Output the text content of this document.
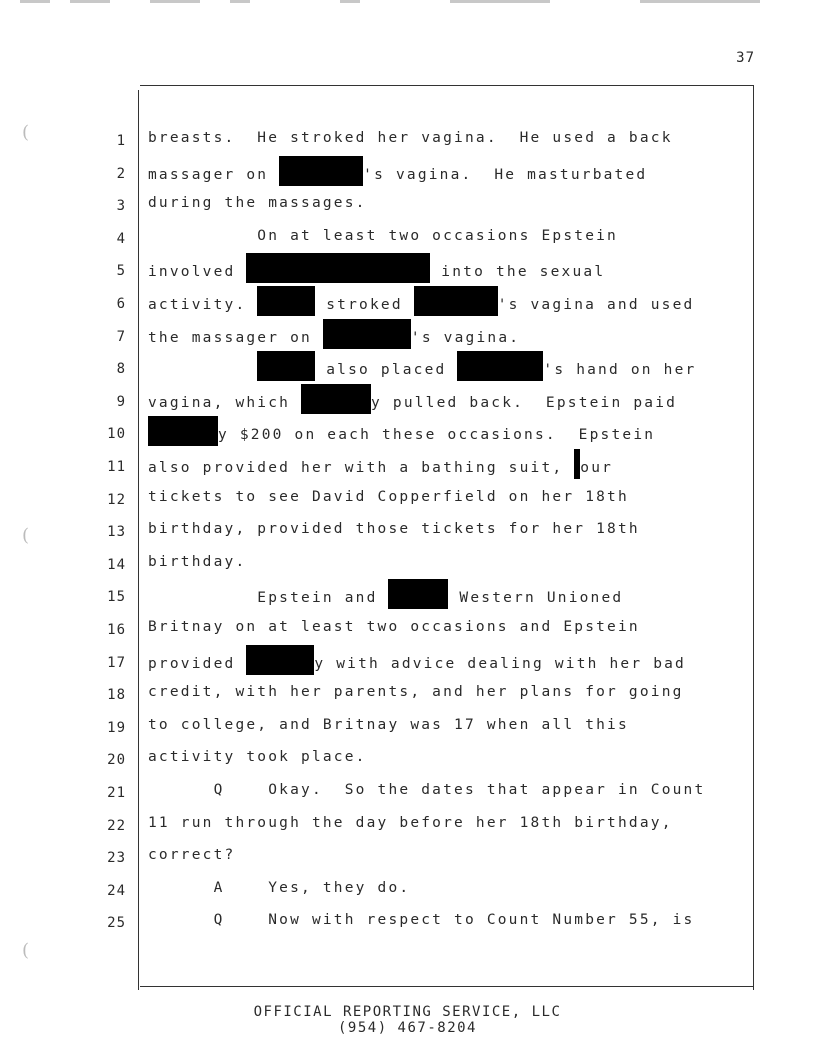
37
(
(
(
1 breasts.  He stroked her vagina.  He used a back
2 massager on	's vagina.  He masturbated
3 during the massages.
4 On at least two occasions Epstein
5 involved	into the sexual
6 activity.	stroked	's vagina and used
7 the massager on	's vagina.
8	also placed	's hand on her
9 vagina, which	y pulled back.  Epstein paid
10	y $200 on each these occasions.  Epstein
11 also provided her with a bathing suit, our
12 tickets to see David Copperfield on her 18th
13 birthday, provided those tickets for her 18th
14 birthday.
15 Epstein and	Western Unioned
16 Britnay on at least two occasions and Epstein
17 provided	y with advice dealing with her bad
18 credit, with her parents, and her plans for going
19 to college, and Britnay was 17 when all this
20 activity took place.
21 Q    Okay.  So the dates that appear in Count
22 11 run through the day before her 18th birthday,
23 correct?
24 A    Yes, they do.
25 Q    Now with respect to Count Number 55, is
OFFICIAL REPORTING SERVICE, LLC
(954) 467-8204
